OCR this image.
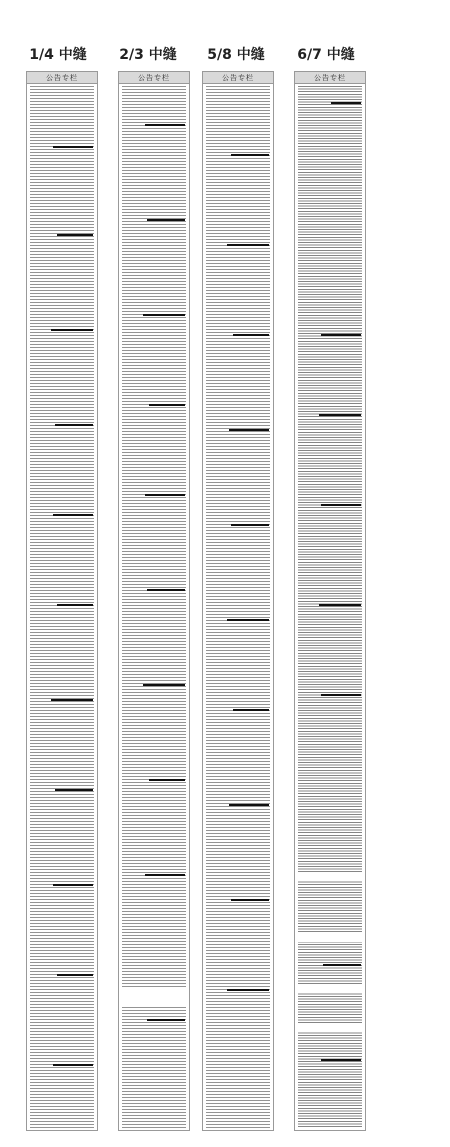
1/4 中缝
公告专栏
2/3 中缝
公告专栏
5/8 中缝
公告专栏
6/7 中缝
公告专栏
